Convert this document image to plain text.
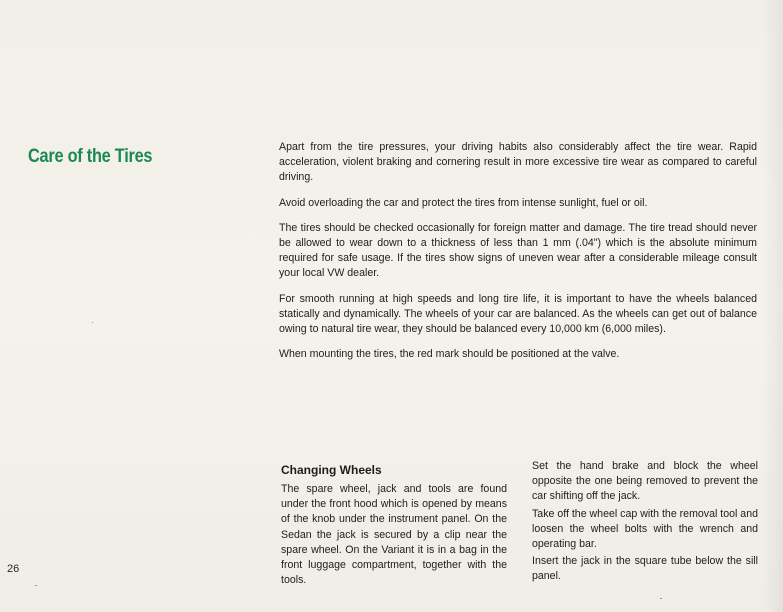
Care of the Tires	Apart from the tire pressures, your driving habits also considerably affect the tire wear. Rapid acceleration, violent braking and cornering result in more excessive tire wear as compared to careful driving.

Avoid overloading the car and protect the tires from intense sunlight, fuel or oil.

The tires should be checked occasionally for foreign matter and damage. The tire tread should never be allowed to wear down to a thickness of less than 1 mm (.04") which is the absolute minimum required for safe usage. If the tires show signs of uneven wear after a considerable mileage consult your local VW dealer.

For smooth running at high speeds and long tire life, it is important to have the wheels balanced statically and dynamically. The wheels of your car are balanced. As the wheels can get out of balance owing to natural tire wear, they should be balanced every 10,000 km (6,000 miles).

When mounting the tires, the red mark should be positioned at the valve.

Changing Wheels

The spare wheel, jack and tools are found under the front hood which is opened by means of the knob under the instrument panel. On the Sedan the jack is secured by a clip near the spare wheel. On the Variant it is in a bag in the front luggage compartment, together with the tools.

Set the hand brake and block the wheel opposite the one being removed to prevent the car shifting off the jack.

Take off the wheel cap with the removal tool and loosen the wheel bolts with the wrench and operating bar.

Insert the jack in the square tube below the sill panel.

26
